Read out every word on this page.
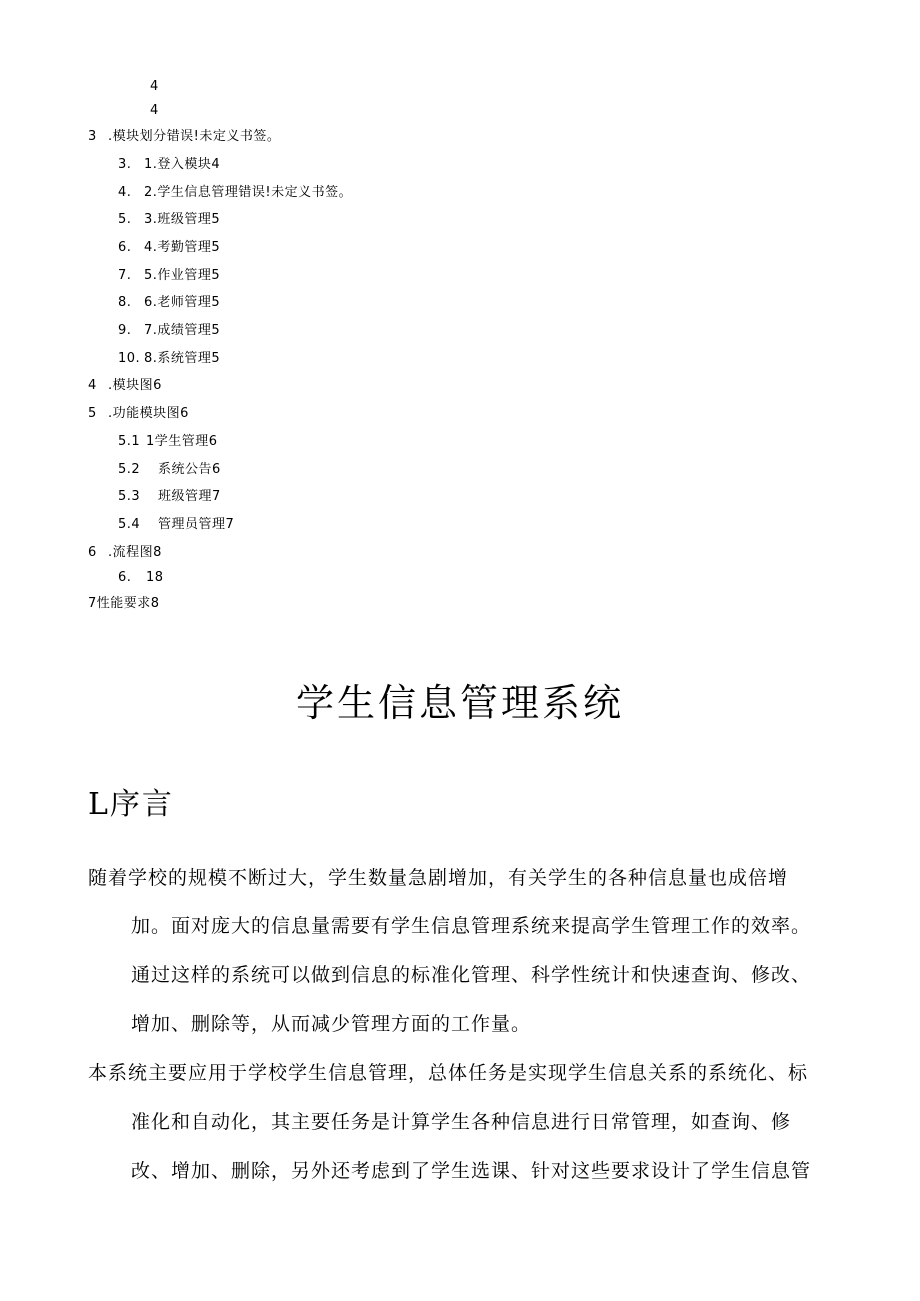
4
4
3 .模块划分错误!未定义书签。
3. 1.登入模块4
4. 2.学生信息管理错误!未定义书签。
5. 3.班级管理5
6. 4.考勤管理5
7. 5.作业管理5
8. 6.老师管理5
9. 7.成绩管理5
10. 8.系统管理5
4 .模块图6
5 .功能模块图6
5.1 1学生管理6
5.2 系统公告6
5.3 班级管理7
5.4 管理员管理7
6 .流程图8
6. 18
7性能要求8
学生信息管理系统
L序言
随着学校的规模不断过大，学生数量急剧增加，有关学生的各种信息量也成倍增
加。面对庞大的信息量需要有学生信息管理系统来提高学生管理工作的效率。
通过这样的系统可以做到信息的标准化管理、科学性统计和快速查询、修改、
增加、删除等，从而减少管理方面的工作量。
本系统主要应用于学校学生信息管理，总体任务是实现学生信息关系的系统化、标
准化和自动化，其主要任务是计算学生各种信息进行日常管理，如查询、修
改、增加、删除，另外还考虑到了学生选课、针对这些要求设计了学生信息管
